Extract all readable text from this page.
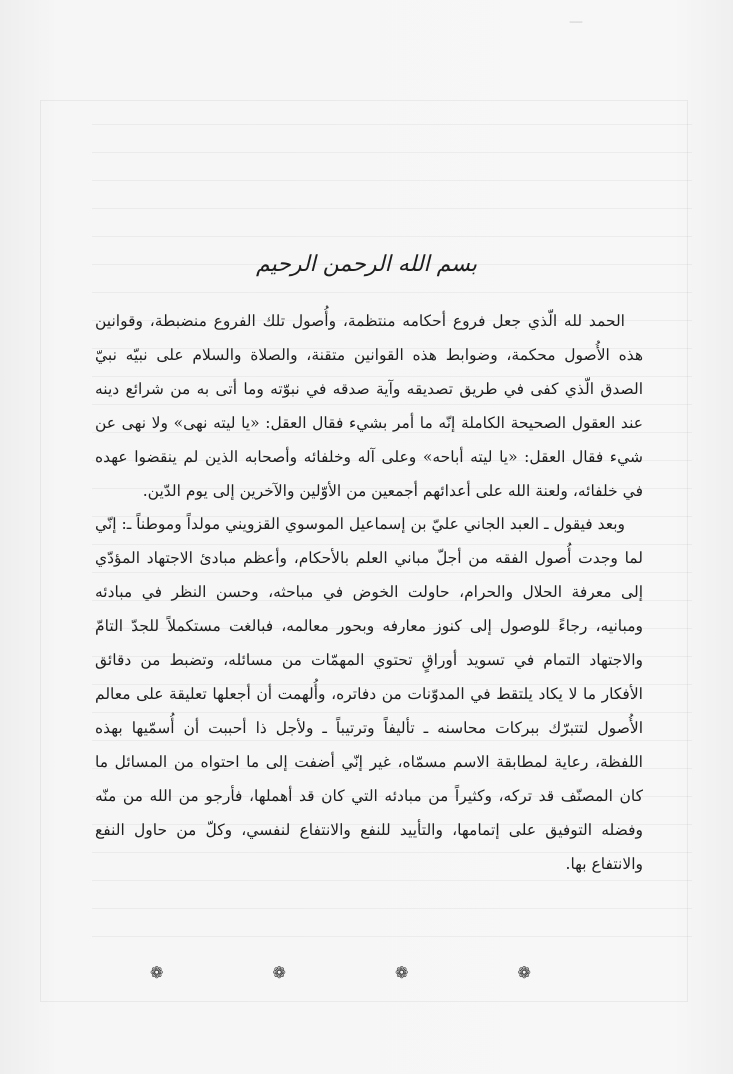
—

بسم الله الرحمن الرحيم

الحمد لله الّذي جعل فروع أحكامه منتظمة، وأُصول تلك الفروع منضبطة، وقوانين هذه الأُصول محكمة، وضوابط هذه القوانين متقنة، والصلاة والسلام على نبيّه نبيّ الصدق الّذي كفى في طريق تصديقه وآية صدقه في نبوّته وما أتى به من شرائع دينه عند العقول الصحيحة الكاملة إنّه ما أمر بشيء فقال العقل: «يا ليته نهى» ولا نهى عن شيء فقال العقل: «يا ليته أباحه» وعلى آله وخلفائه وأصحابه الذين لم ينقضوا عهده في خلفائه، ولعنة الله على أعدائهم أجمعين من الأوّلين والآخرين إلى يوم الدّين.

وبعد فيقول ـ العبد الجاني عليّ بن إسماعيل الموسوي القزويني مولداً وموطناً ـ: إنّي لما وجدت أُصول الفقه من أجلّ مباني العلم بالأحكام، وأعظم مبادئ الاجتهاد المؤدّي إلى معرفة الحلال والحرام، حاولت الخوض في مباحثه، وحسن النظر في مبادئه ومبانيه، رجاءً للوصول إلى كنوز معارفه وبحور معالمه، فبالغت مستكملاً للجدّ التامّ والاجتهاد التمام في تسويد أوراقٍ تحتوي المهمّات من مسائله، وتضبط من دقائق الأفكار ما لا يكاد يلتقط في المدوّنات من دفاتره، وأُلهمت أن أجعلها تعليقة على معالم الأُصول لتتبرّك ببركات محاسنه ـ تأليفاً وترتيباً ـ ولأجل ذا أحببت أن أُسمّيها بهذه اللفظة، رعاية لمطابقة الاسم مسمّاه، غير إنّي أضفت إلى ما احتواه من المسائل ما كان المصنّف قد تركه، وكثيراً من مبادئه التي كان قد أهملها، فأرجو من الله من منّه وفضله التوفيق على إتمامها، والتأييد للنفع والانتفاع لنفسي، وكلّ من حاول النفع والانتفاع بها.

❁ ❁ ❁ ❁
